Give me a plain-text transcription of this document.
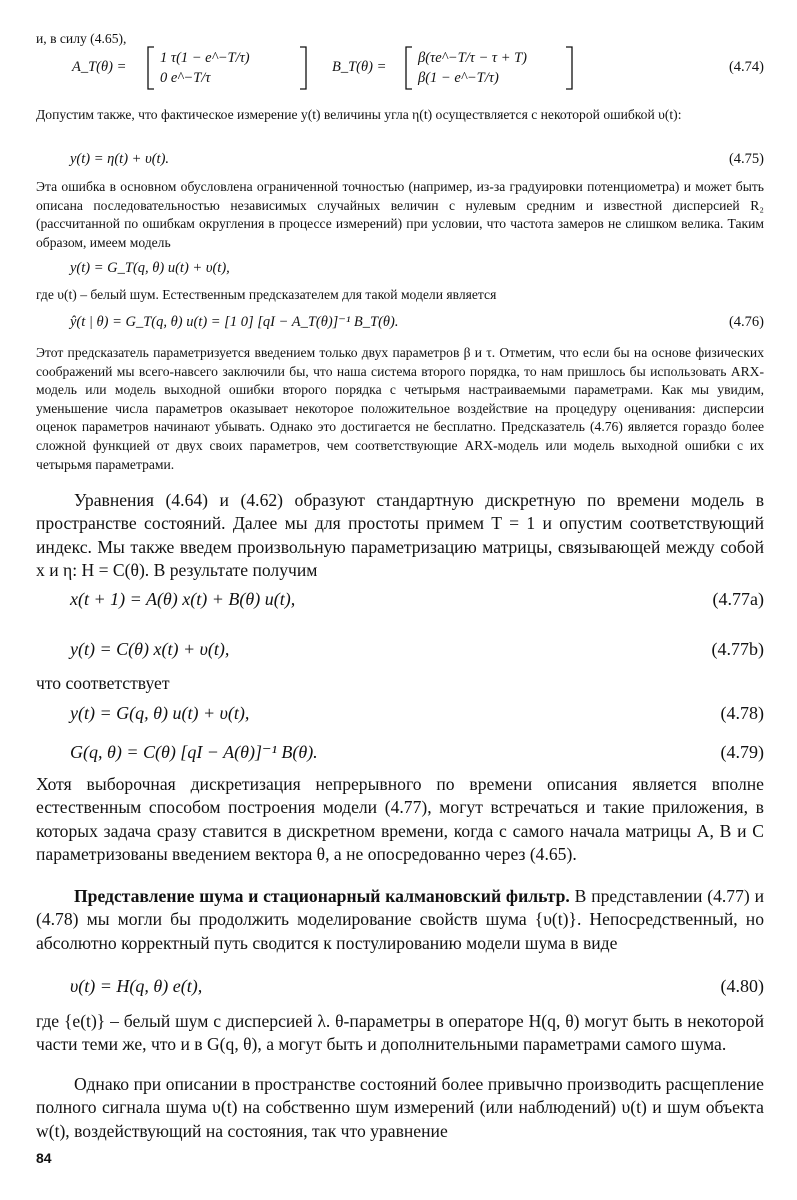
и, в силу (4.65),

A_T(θ) =
1 τ(1 − e^−T/τ)
0 e^−T/τ
B_T(θ) =
β(τe^−T/τ − τ + T)
β(1 − e^−T/τ)
(4.74)

Допустим также, что фактическое измерение y(t) величины угла η(t) осуществляется с некоторой ошибкой υ(t):

y(t) = η(t) + υ(t).	(4.75)

Эта ошибка в основном обусловлена ограниченной точностью (например, из-за градуировки потенциометра) и может быть описана последовательностью независимых случайных величин с нулевым средним и известной дисперсией R₂ (рассчитанной по ошибкам округления в процессе измерений) при условии, что частота замеров не слишком велика. Таким образом, имеем модель

y(t) = G_T(q, θ) u(t) + υ(t),

где υ(t) – белый шум. Естественным предсказателем для такой модели является

ŷ(t | θ) = G_T(q, θ) u(t) = [1 0] [qI − A_T(θ)]⁻¹ B_T(θ).	(4.76)

Этот предсказатель параметризуется введением только двух параметров β и τ. Отметим, что если бы на основе физических соображений мы всего-навсего заключили бы, что наша система второго порядка, то нам пришлось бы использовать ARX-модель или модель выходной ошибки второго порядка с четырьмя настраиваемыми параметрами. Как мы увидим, уменьшение числа параметров оказывает некоторое положительное воздействие на процедуру оценивания: дисперсии оценок параметров начинают убывать. Однако это достигается не бесплатно. Предсказатель (4.76) является гораздо более сложной функцией от двух своих параметров, чем соответствующие ARX-модель или модель выходной ошибки с их четырьмя параметрами.

Уравнения (4.64) и (4.62) образуют стандартную дискретную по времени модель в пространстве состояний. Далее мы для простоты примем T = 1 и опустим соответствующий индекс. Мы также введем произвольную параметризацию матрицы, связывающей между собой x и η: H = C(θ). В результате получим

x(t + 1) = A(θ) x(t) + B(θ) u(t),	(4.77a)
y(t) = C(θ) x(t) + υ(t),	(4.77b)

что соответствует

y(t) = G(q, θ) u(t) + υ(t),	(4.78)
G(q, θ) = C(θ) [qI − A(θ)]⁻¹ B(θ).	(4.79)

Хотя выборочная дискретизация непрерывного по времени описания является вполне естественным способом построения модели (4.77), могут встречаться и такие приложения, в которых задача сразу ставится в дискретном времени, когда с самого начала матрицы A, B и C параметризованы введением вектора θ, а не опосредованно через (4.65).

Представление шума и стационарный калмановский фильтр. В представлении (4.77) и (4.78) мы могли бы продолжить моделирование свойств шума {υ(t)}. Непосредственный, но абсолютно корректный путь сводится к постулированию модели шума в виде

υ(t) = H(q, θ) e(t),	(4.80)

где {e(t)} – белый шум с дисперсией λ. θ-параметры в операторе H(q, θ) могут быть в некоторой части теми же, что и в G(q, θ), а могут быть и дополнительными параметрами самого шума.

Однако при описании в пространстве состояний более привычно производить расщепление полного сигнала шума υ(t) на собственно шум измерений (или наблюдений) υ(t) и шум объекта w(t), воздействующий на состояния, так что уравнение

84
